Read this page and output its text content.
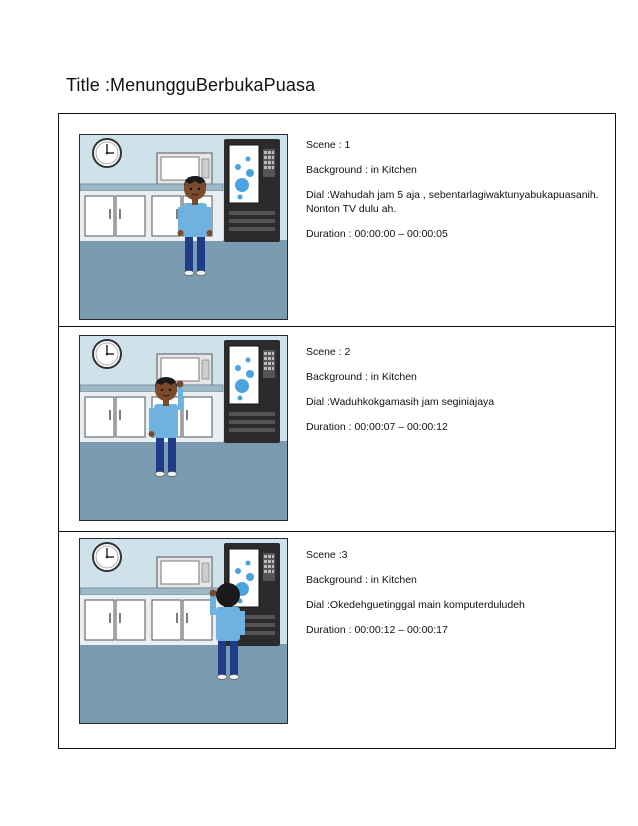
Title :MenungguBerbukaPuasa

Scene : 1

Background : in Kitchen

Dial :Wahudah jam 5 aja , sebentarlagiwaktunyabukapuasanih. Nonton TV dulu ah.

Duration : 00:00:00 – 00:00:05

Scene : 2

Background : in Kitchen

Dial :Waduhkokgamasih jam seginiajaya

Duration : 00:00:07 – 00:00:12

Scene :3

Background : in Kitchen

Dial :Okedehguetinggal main komputerduludeh

Duration : 00:00:12 – 00:00:17
